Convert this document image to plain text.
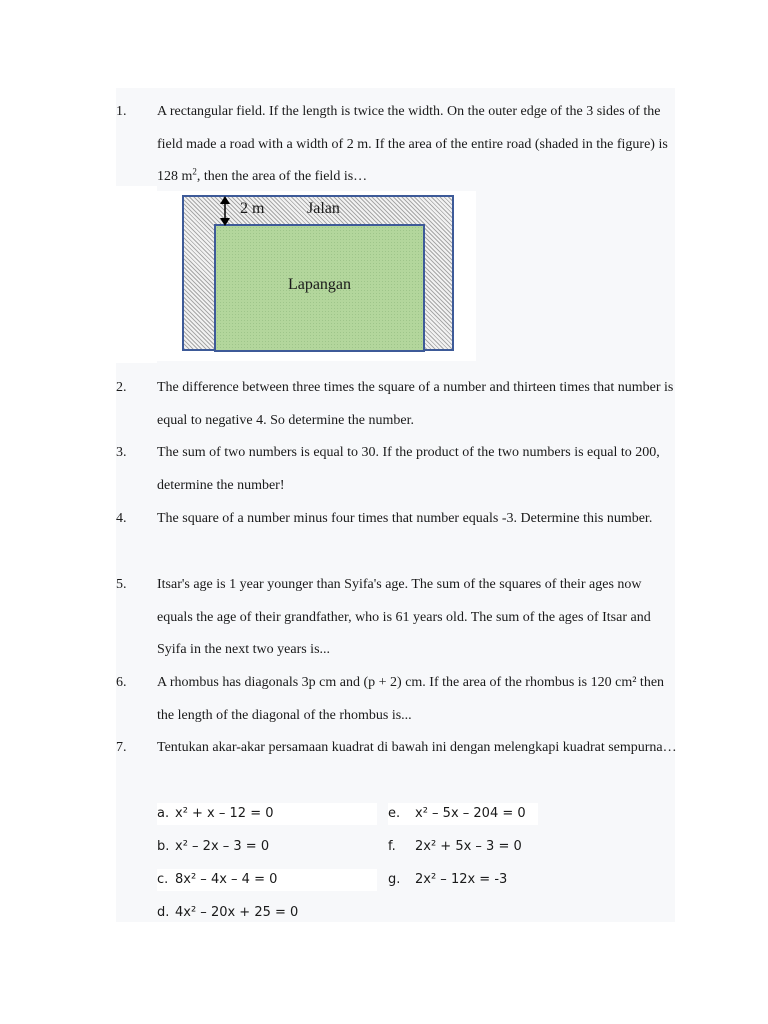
1. A rectangular field. If the length is twice the width. On the outer edge of the 3 sides of the field made a road with a width of 2 m. If the area of the entire road (shaded in the figure) is 128 $m^2$, then the area of the field is…
2 m	Jalan
Lapangan
2. The difference between three times the square of a number and thirteen times that number is equal to negative 4. So determine the number.
3. The sum of two numbers is equal to 30. If the product of the two numbers is equal to 200, determine the number!
4. The square of a number minus four times that number equals -3. Determine this number.
5. Itsar's age is 1 year younger than Syifa's age. The sum of the squares of their ages now equals the age of their grandfather, who is 61 years old. The sum of the ages of Itsar and Syifa in the next two years is...
6. A rhombus has diagonals 3p cm and (p + 2) cm. If the area of the rhombus is 120 cm² then the length of the diagonal of the rhombus is...
7. Tentukan akar-akar persamaan kuadrat di bawah ini dengan melengkapi kuadrat sempurna…
a. x² + x – 12 = 0
b. x² – 2x – 3 = 0
c. 8x² – 4x – 4 = 0
d. 4x² – 20x + 25 = 0
e. x² – 5x – 204 = 0
f. 2x² + 5x – 3 = 0
g. 2x² – 12x = -3
